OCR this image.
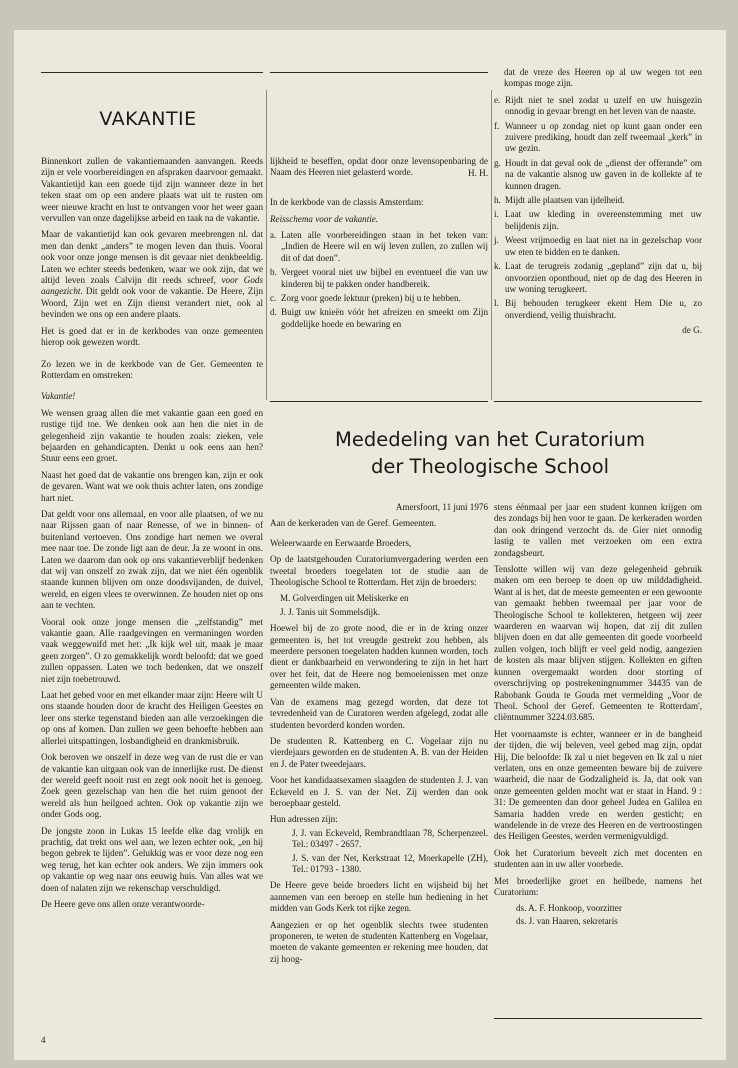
VAKANTIE

Binnenkort zullen de vakantiemaanden aanvangen. Reeds zijn er vele voorbereidingen en afspraken daarvoor gemaakt. Vakantietijd kan een goede tijd zijn wanneer deze in het teken staat om op een andere plaats wat uit te rusten om weer nieuwe kracht en lust te ontvangen voor het weer gaan vervullen van onze dagelijkse arbeid en taak na de vakantie.

Maar de vakantietijd kan ook gevaren meebrengen nl. dat men dan denkt „anders” te mogen leven dan thuis. Vooral ook voor onze jonge mensen is dit gevaar niet denkbeeldig. Laten we echter steeds bedenken, waar we ook zijn, dat we altijd leven zoals Calvijn dit reeds schreef, voor Gods aangezicht. Dit geldt ook voor de vakantie. De Heere, Zijn Woord, Zijn wet en Zijn dienst verandert niet, ook al bevinden we ons op een andere plaats.

Het is goed dat er in de kerkbodes van onze gemeenten hierop ook gewezen wordt.

Zo lezen we in de kerkbode van de Ger. Gemeenten te Rotterdam en omstreken:

Vakantie!

We wensen graag allen die met vakantie gaan een goed en rustige tijd toe. We denken ook aan hen die niet in de gelegenheid zijn vakantie te houden zoals: zieken, vele bejaarden en gehandicapten. Denkt u ook eens aan hen? Stuur eens een groet.

Naast het goed dat de vakantie ons brengen kan, zijn er ook de gevaren. Want wat we ook thuis achter laten, ons zondige hart niet.

Dat geldt voor ons allemaal, en voor alle plaatsen, of we nu naar Rijssen gaan of naar Renesse, of we in binnen- of buitenland vertoeven. Ons zondige hart nemen we overal mee naar toe. De zonde ligt aan de deur. Ja ze woont in ons. Laten we daarom dan ook op ons vakantieverblijf bedenken dat wij van onszelf zo zwak zijn, dat we niet één ogenblik staande kunnen blijven om onze doodsvijanden, de duivel, wereld, en eigen vlees te overwinnen. Ze houden niet op ons aan te vechten.

Vooral ook onze jonge mensen die „zelfstandig” met vakantie gaan. Alle raadgevingen en vermaningen worden vaak weggewuifd met het: „Ik kijk wel uit, maak je maar geen zorgen”. O zo gemakkelijk wordt beloofd: dat we goed zullen oppassen. Laten we toch bedenken, dat we onszelf niet zijn toebetrouwd.

Laat het gebed voor en met elkander maar zijn: Heere wilt U ons staande houden door de kracht des Heiligen Geestes en leer ons sterke tegenstand bieden aan alle verzoekingen die op ons af komen. Dan zullen we geen behoefte hebben aan allerlei uitspattingen, losbandigheid en drankmisbruik.

Ook beroven we onszelf in deze weg van de rust die er van de vakantie kan uitgaan ook van de innerlijke rust. De dienst der wereld geeft nooit rust en zegt ook nooit het is genoeg. Zoek geen gezelschap van hen die het ruim genoot der wereld als hun heilgoed achten. Ook op vakantie zijn we onder Gods oog.

De jongste zoon in Lukas 15 leefde elke dag vrolijk en prachtig, dat trekt ons wel aan, we lezen echter ook, „en hij begon gebrek te lijden”. Gelukkig was er voor deze nog een weg terug, het kan echter ook anders. We zijn immers ook op vakantie op weg naar ons eeuwig huis. Van alles wat we doen of nalaten zijn we rekenschap verschuldigd.

De Heere geve ons allen onze verantwoorde-

lijkheid te beseffen, opdat door onze levensopenbaring de Naam des Heeren niet gelasterd worde.	H. H.

In de kerkbode van de classis Amsterdam:

Reisschema voor de vakantie.

a. Laten alle voorbereidingen staan in het teken van: „Indien de Heere wil en wij leven zullen, zo zullen wij dit of dat doen”.
b. Vergeet vooral niet uw bijbel en eventueel die van uw kinderen bij te pakken onder handbereik.
c. Zorg voor goede lektuur (preken) bij u te hebben.
d. Buigt uw knieën vóór het afreizen en smeekt om Zijn goddelijke hoede en bewaring en

dat de vreze des Heeren op al uw wegen tot een kompas moge zijn.

e. Rijdt niet te snel zodat u uzelf en uw huisgezin onnodig in gevaar brengt en het leven van de naaste.
f. Wanneer u op zondag niet op kunt gaan onder een zuivere prediking, houdt dan zelf tweemaal „kerk” in uw gezin.
g. Houdt in dat geval ook de „dienst der offerande” om na de vakantie alsnog uw gaven in de kollekte af te kunnen dragen.
h. Mijdt alle plaatsen van ijdelheid.
i. Laat uw kleding in overeenstemming met uw belijdenis zijn.
j. Weest vrijmoedig en laat niet na in gezelschap voor uw eten te bidden en te danken.
k. Laat de terugreis zodanig „gepland” zijn dat u, bij onvoorzien oponthoud, niet op de dag des Heeren in uw woning terugkeert.
l. Bij behouden terugkeer ekent Hem Die u, zo onverdiend, veilig thuisbracht.

de G.

Mededeling van het Curatorium
der Theologische School

Amersfoort, 11 juni 1976

Aan de kerkeraden van de Geref. Gemeenten.

Weleerwaarde en Eerwaarde Broeders,

Op de laatstgehouden Curatoriumvergadering werden een tweetal broeders toegelaten tot de studie aan de Theologische School te Rotterdam. Het zijn de broeders:

M. Golverdingen uit Meliskerke en

J. J. Tanis uit Sommelsdijk.

Hoewel bij de zo grote nood, die er in de kring onzer gemeenten is, het tot vreugde gestrekt zou hebben, als meerdere personen toegelaten hadden kunnen worden, toch dient er dankbaarheid en verwondering te zijn in het hart over het feit, dat de Heere nog bemoeienissen met onze gemeenten wilde maken.

Van de examens mag gezegd worden, dat deze tot tevredenheid van de Curatoren werden afgelegd, zodat alle studenten bevorderd konden worden.

De studenten R. Kattenberg en C. Vogelaar zijn nu vierdejaars geworden en de studenten A. B. van der Heiden en J. de Pater tweedejaars.

Voor het kandidaatsexamen slaagden de studenten J. J. van Eckeveld en J. S. van der Net. Zij werden dan ook beroepbaar gesteld.

Hun adressen zijn:

J. J. van Eckeveld, Rembrandtlaan 78, Scherpenzeel. Tel.: 03497 - 2657.

J. S. van der Net, Kerkstraat 12, Moerkapelle (ZH), Tel.: 01793 - 1380.

De Heere geve beide broeders licht en wijsheid bij het aannemen van een beroep en stelle hun bediening in het midden van Gods Kerk tot rijke zegen.

Aangezien er op het ogenblik slechts twee studenten proponeren, te weten de studenten Kattenberg en Vogelaar, moeten de vakante gemeenten er rekening mee houden, dat zij hoog-

stens éénmaal per jaar een student kunnen krijgen om des zondags bij hen voor te gaan. De kerkeraden worden dan ook dringend verzocht ds. de Gier niet onnodig lastig te vallen met verzoeken om een extra zondagsbeurt.

Tenslotte willen wij van deze gelegenheid gebruik maken om een beroep te doen op uw milddadigheid. Want al is het, dat de meeste gemeenten er een gewoonte van gemaakt hebben tweemaal per jaar voor de Theologische School te kollekteren, hetgeen wij zeer waarderen en waarvan wij hopen, dat zij dit zullen blijven doen en dat alle gemeenten dit goede voorbeeld zullen volgen, toch blijft er veel geld nodig, aangezien de kosten als maar blijven stijgen. Kollekten en giften kunnen overgemaakt worden door storting of overschrijving op postrekeningnummer 34435 van de Rabobank Gouda te Gouda met vermelding „Voor de Theol. School der Geref. Gemeenten te Rotterdam', cliëntnummer 3224.03.685.

Het voornaamste is echter, wanneer er in de bangheid der tijden, die wij beleven, veel gebed mag zijn, opdat Hij, Die beloofde: Ik zal u niet begeven en Ik zal u niet verlaten, ons en onze gemeenten beware bij de zuivere waarheid, die naar de Godzaligheid is. Ja, dat ook van onze gemeenten gelden mocht wat er staat in Hand. 9 : 31: De gemeenten dan door geheel Judea en Galilea en Samaria hadden vrede en werden gesticht; en wandelende in de vreze des Heeren en de vertroostingen des Heiligen Geestes, werden vermenigvuldigd.

Ook het Curatorium beveelt zich met docenten en studenten aan in uw aller voorbede.

Met broederlijke groet en heilbede, namens het Curatorium:

ds. A. F. Honkoop, voorzitter

ds. J. van Haaren, sekretaris

4
